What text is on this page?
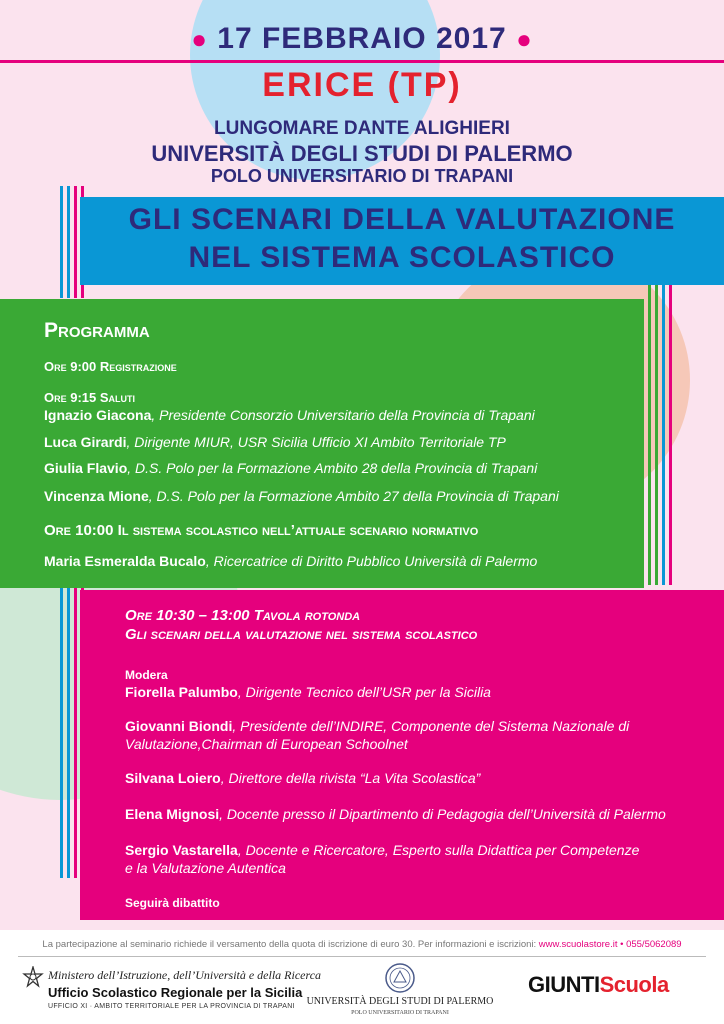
● 17 FEBBRAIO 2017 ●
ERICE (TP)
LUNGOMARE DANTE ALIGHIERI
UNIVERSITÀ DEGLI STUDI DI PALERMO
POLO UNIVERSITARIO DI TRAPANI
GLI SCENARI DELLA VALUTAZIONE
NEL SISTEMA SCOLASTICO
Programma
Ore 9:00 Registrazione
Ore 9:15 Saluti
Ignazio Giacona, Presidente Consorzio Universitario della Provincia di Trapani
Luca Girardi, Dirigente MIUR, USR Sicilia Ufficio XI Ambito Territoriale TP
Giulia Flavio, D.S. Polo per la Formazione Ambito 28 della Provincia di Trapani
Vincenza Mione, D.S. Polo per la Formazione Ambito 27 della Provincia di Trapani
Ore 10:00 Il sistema scolastico nell’attuale scenario normativo
Maria Esmeralda Bucalo, Ricercatrice di Diritto Pubblico Università di Palermo
Ore 10:30 – 13:00 Tavola rotonda
Gli scenari della valutazione nel sistema scolastico
Modera
Fiorella Palumbo, Dirigente Tecnico dell’USR per la Sicilia
Giovanni Biondi, Presidente dell’INDIRE, Componente del Sistema Nazionale di
Valutazione,Chairman di European Schoolnet
Silvana Loiero, Direttore della rivista “La Vita Scolastica”
Elena Mignosi, Docente presso il Dipartimento di Pedagogia dell’Università di Palermo
Sergio Vastarella, Docente e Ricercatore, Esperto sulla Didattica per Competenze
e la Valutazione Autentica
Seguirà dibattito
La partecipazione al seminario richiede il versamento della quota di iscrizione di euro 30. Per informazioni e iscrizioni: www.scuolastore.it • 055/5062089
Ministero dell’Istruzione, dell’Università e della Ricerca
Ufficio Scolastico Regionale per la Sicilia
UFFICIO XI · AMBITO TERRITORIALE PER LA PROVINCIA DI TRAPANI	UNIVERSITÀ DEGLI STUDI DI PALERMO
POLO UNIVERSITARIO DI TRAPANI
GIUNTIScuola
